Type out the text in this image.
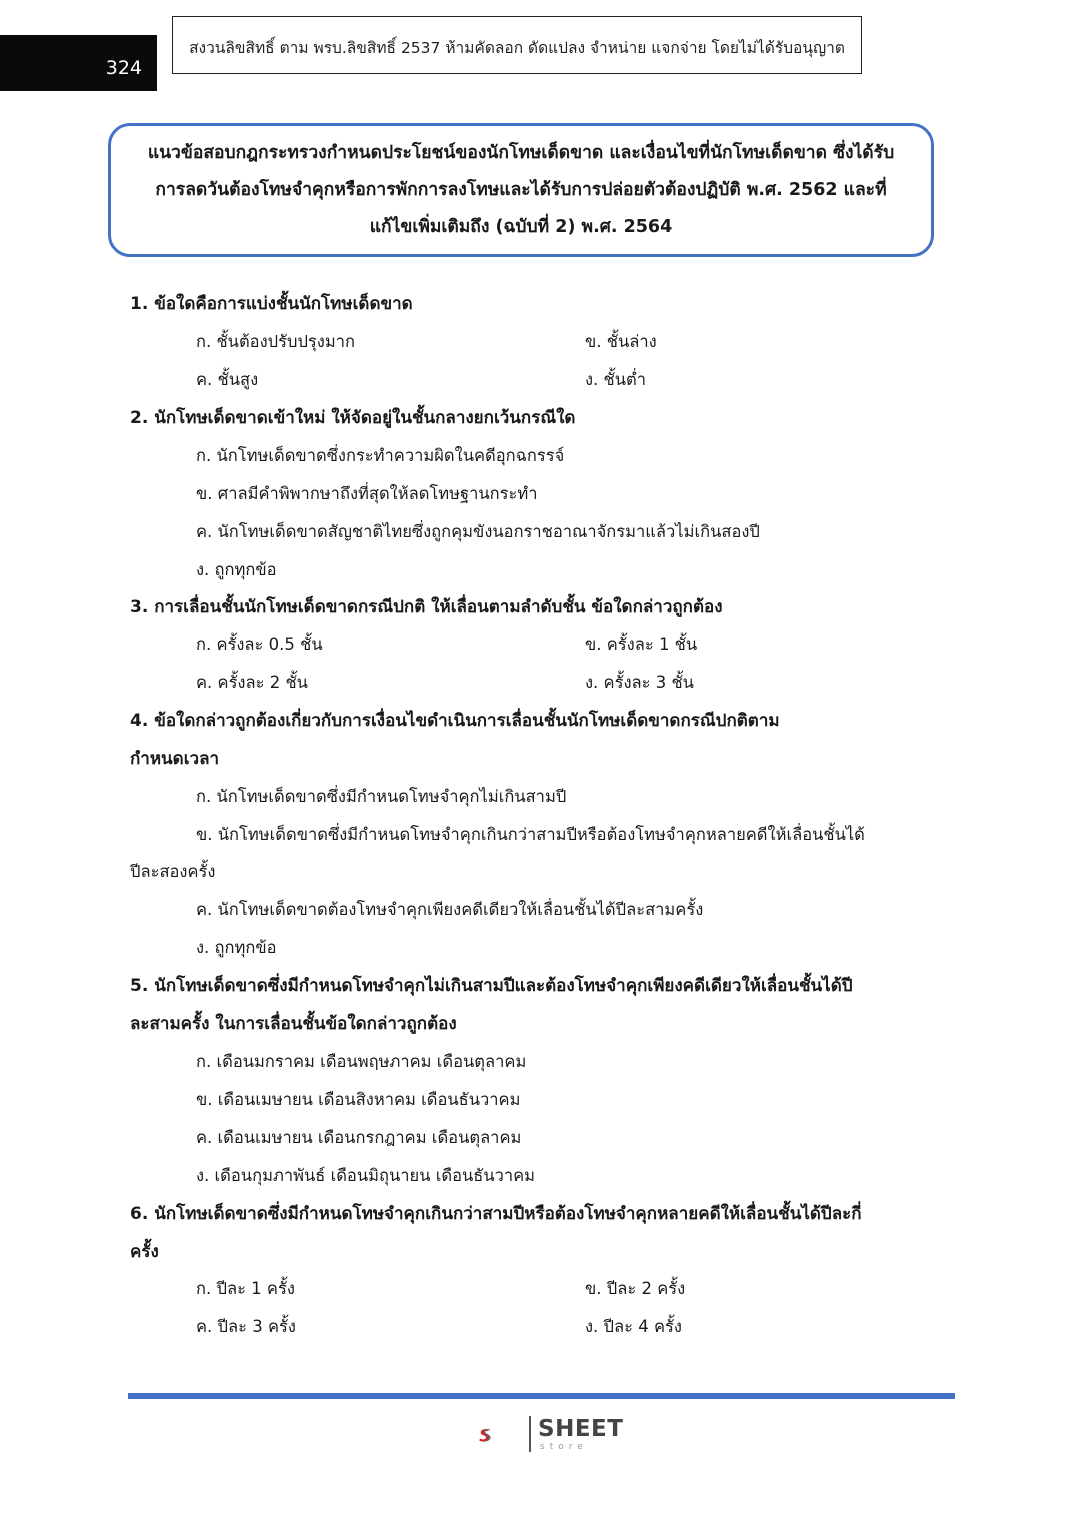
324
สงวนลิขสิทธิ์ ตาม พรบ.ลิขสิทธิ์ 2537 ห้ามคัดลอก ดัดแปลง จำหน่าย แจกจ่าย โดยไม่ได้รับอนุญาต
แนวข้อสอบกฎกระทรวงกำหนดประโยชน์ของนักโทษเด็ดขาด และเงื่อนไขที่นักโทษเด็ดขาด ซึ่งได้รับ
การลดวันต้องโทษจำคุกหรือการพักการลงโทษและได้รับการปล่อยตัวต้องปฏิบัติ พ.ศ. 2562 และที่
แก้ไขเพิ่มเติมถึง (ฉบับที่ 2) พ.ศ. 2564
1. ข้อใดคือการแบ่งชั้นนักโทษเด็ดขาด
ก. ชั้นต้องปรับปรุงมาก	ข. ชั้นล่าง
ค. ชั้นสูง	ง. ชั้นต่ำ
2. นักโทษเด็ดขาดเข้าใหม่ ให้จัดอยู่ในชั้นกลางยกเว้นกรณีใด
ก. นักโทษเด็ดขาดซึ่งกระทำความผิดในคดีอุกฉกรรจ์
ข. ศาลมีคำพิพากษาถึงที่สุดให้ลดโทษฐานกระทำ
ค. นักโทษเด็ดขาดสัญชาติไทยซึ่งถูกคุมขังนอกราชอาณาจักรมาแล้วไม่เกินสองปี
ง. ถูกทุกข้อ
3. การเลื่อนชั้นนักโทษเด็ดขาดกรณีปกติ ให้เลื่อนตามลำดับชั้น ข้อใดกล่าวถูกต้อง
ก. ครั้งละ 0.5 ชั้น	ข. ครั้งละ 1 ชั้น
ค. ครั้งละ 2 ชั้น	ง. ครั้งละ 3 ชั้น
4. ข้อใดกล่าวถูกต้องเกี่ยวกับการเงื่อนไขดำเนินการเลื่อนชั้นนักโทษเด็ดขาดกรณีปกติตาม
กำหนดเวลา
ก. นักโทษเด็ดขาดซึ่งมีกำหนดโทษจำคุกไม่เกินสามปี
ข. นักโทษเด็ดขาดซึ่งมีกำหนดโทษจำคุกเกินกว่าสามปีหรือต้องโทษจำคุกหลายคดีให้เลื่อนชั้นได้
ปีละสองครั้ง
ค. นักโทษเด็ดขาดต้องโทษจำคุกเพียงคดีเดียวให้เลื่อนชั้นได้ปีละสามครั้ง
ง. ถูกทุกข้อ
5. นักโทษเด็ดขาดซึ่งมีกำหนดโทษจำคุกไม่เกินสามปีและต้องโทษจำคุกเพียงคดีเดียวให้เลื่อนชั้นได้ปี
ละสามครั้ง ในการเลื่อนชั้นข้อใดกล่าวถูกต้อง
ก. เดือนมกราคม เดือนพฤษภาคม เดือนตุลาคม
ข. เดือนเมษายน เดือนสิงหาคม เดือนธันวาคม
ค. เดือนเมษายน เดือนกรกฎาคม เดือนตุลาคม
ง. เดือนกุมภาพันธ์ เดือนมิถุนายน เดือนธันวาคม
6. นักโทษเด็ดขาดซึ่งมีกำหนดโทษจำคุกเกินกว่าสามปีหรือต้องโทษจำคุกหลายคดีให้เลื่อนชั้นได้ปีละกี่
ครั้ง
ก. ปีละ 1 ครั้ง	ข. ปีละ 2 ครั้ง
ค. ปีละ 3 ครั้ง	ง. ปีละ 4 ครั้ง
SHEET
store
